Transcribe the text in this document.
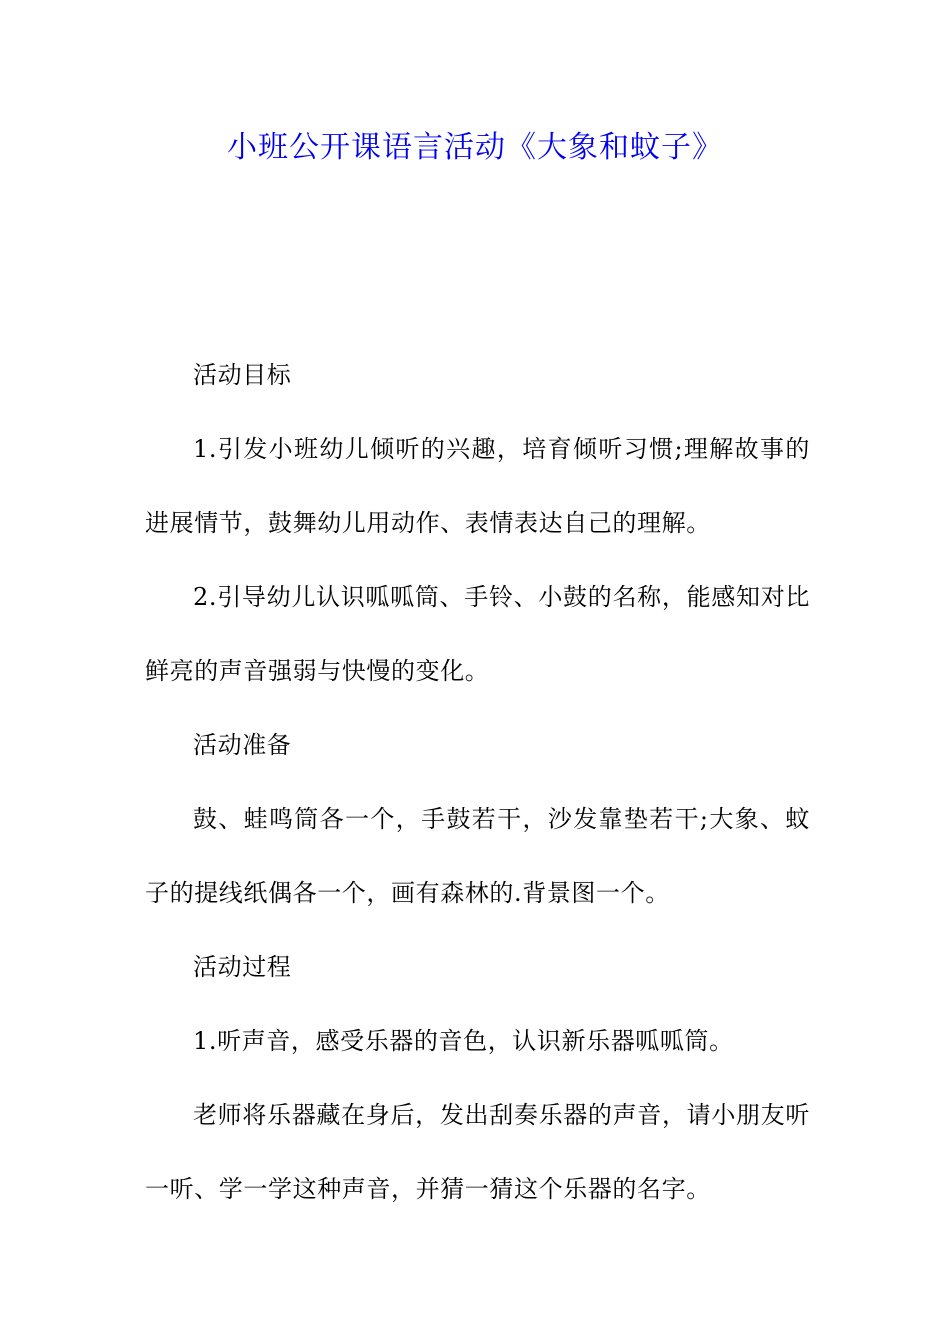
小班公开课语言活动《大象和蚊子》

活动目标

1.引发小班幼儿倾听的兴趣，培育倾听习惯;理解故事的进展情节，鼓舞幼儿用动作、表情表达自己的理解。

2.引导幼儿认识呱呱筒、手铃、小鼓的名称，能感知对比鲜亮的声音强弱与快慢的变化。

活动准备

鼓、蛙鸣筒各一个，手鼓若干，沙发靠垫若干;大象、蚊子的提线纸偶各一个，画有森林的.背景图一个。

活动过程

1.听声音，感受乐器的音色，认识新乐器呱呱筒。

老师将乐器藏在身后，发出刮奏乐器的声音，请小朋友听一听、学一学这种声音，并猜一猜这个乐器的名字。
